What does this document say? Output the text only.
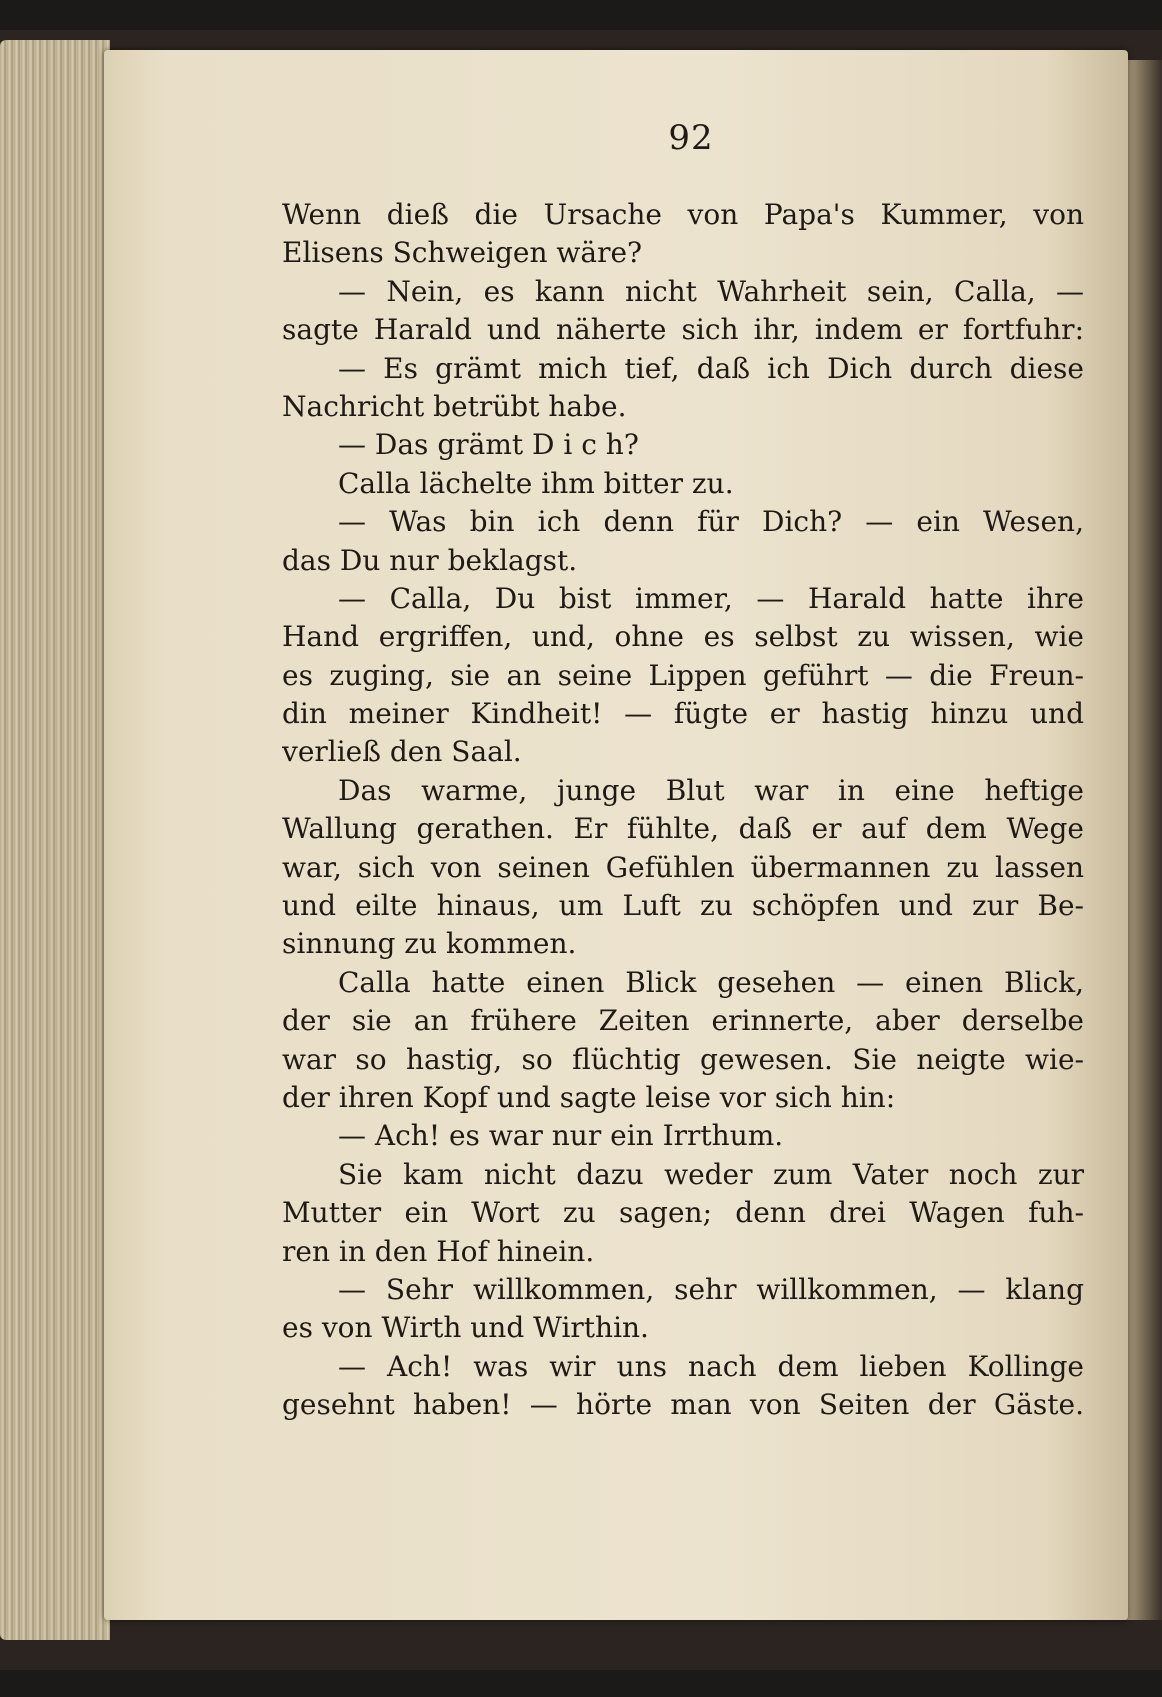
92
Wenn dieß die Ursache von Papa's Kummer, von
Elisens Schweigen wäre?
— Nein, es kann nicht Wahrheit sein, Calla, —
sagte Harald und näherte sich ihr, indem er fortfuhr:
— Es grämt mich tief, daß ich Dich durch diese
Nachricht betrübt habe.
— Das grämt D i c h?
Calla lächelte ihm bitter zu.
— Was bin ich denn für Dich? — ein Wesen,
das Du nur beklagst.
— Calla, Du bist immer, — Harald hatte ihre
Hand ergriffen, und, ohne es selbst zu wissen, wie
es zuging, sie an seine Lippen geführt — die Freun-
din meiner Kindheit! — fügte er hastig hinzu und
verließ den Saal.
Das warme, junge Blut war in eine heftige
Wallung gerathen. Er fühlte, daß er auf dem Wege
war, sich von seinen Gefühlen übermannen zu lassen
und eilte hinaus, um Luft zu schöpfen und zur Be-
sinnung zu kommen.
Calla hatte einen Blick gesehen — einen Blick,
der sie an frühere Zeiten erinnerte, aber derselbe
war so hastig, so flüchtig gewesen. Sie neigte wie-
der ihren Kopf und sagte leise vor sich hin:
— Ach! es war nur ein Irrthum.
Sie kam nicht dazu weder zum Vater noch zur
Mutter ein Wort zu sagen; denn drei Wagen fuh-
ren in den Hof hinein.
— Sehr willkommen, sehr willkommen, — klang
es von Wirth und Wirthin.
— Ach! was wir uns nach dem lieben Kollinge
gesehnt haben! — hörte man von Seiten der Gäste.
